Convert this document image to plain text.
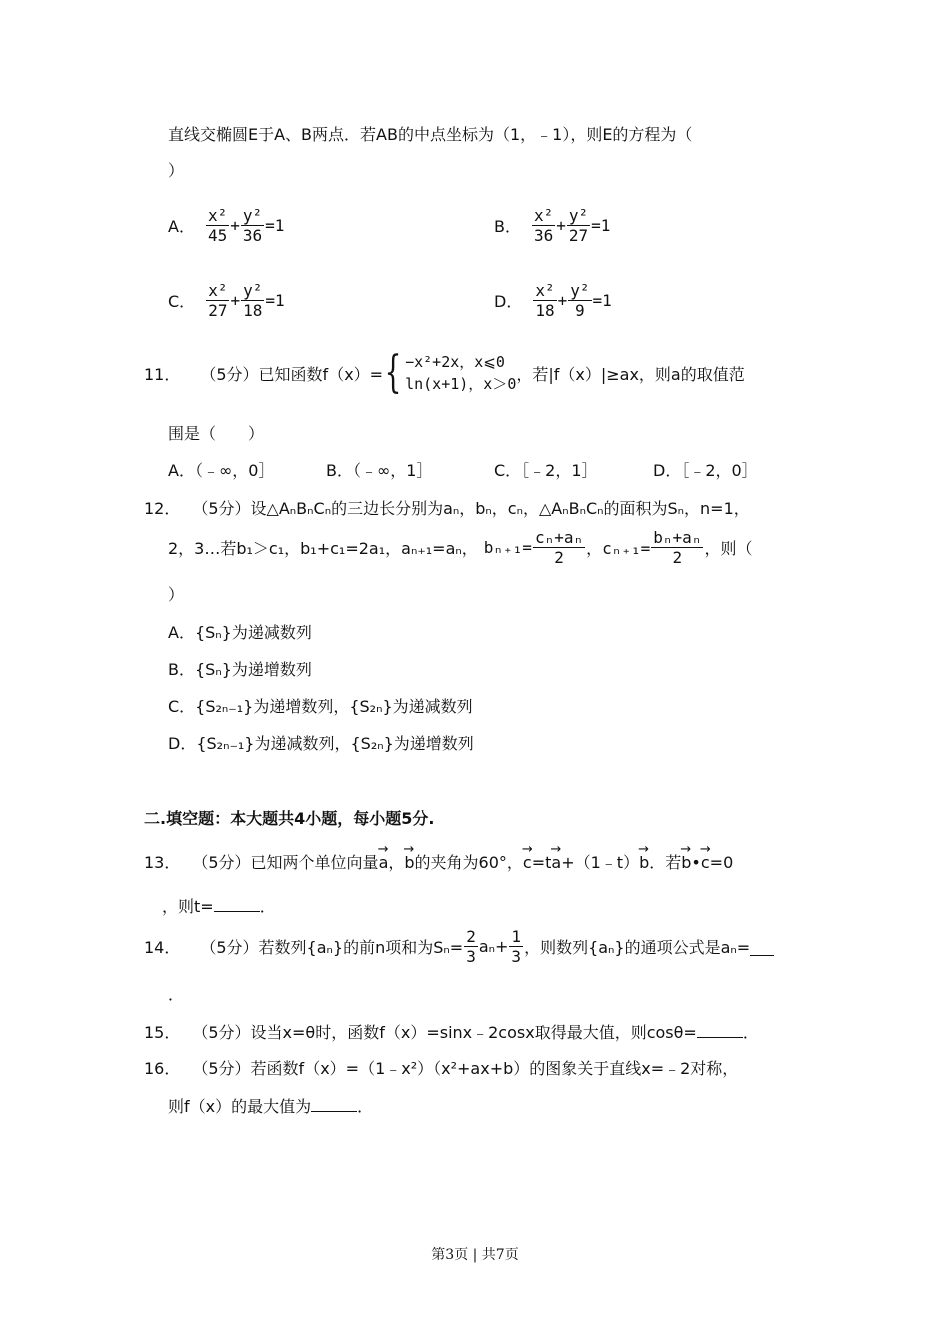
直线交椭圆E于A、B两点．若AB的中点坐标为（1，﹣1），则E的方程为（
）
A． $\frac{\text{x²}}{45} + \frac{\text{y²}}{36} =1$	B． $\frac{\text{x²}}{36} + \frac{\text{y²}}{27} =1$
C． $\frac{\text{x²}}{27} + \frac{\text{y²}}{18} =1$	D． $\frac{\text{x²}}{18} + \frac{\text{y²}}{9} =1$
11． （5分）已知函数f（x）= { −x²+2x，x⩽0
ln(x+1)，x＞0
，若|f（x）|≥ax，则a的取值范
围是（　　）
A．（﹣∞，0］	B．（﹣∞，1］	C．［﹣2，1］	D．［﹣2，0］
12． （5分）设△AₙBₙCₙ的三边长分别为aₙ，bₙ，cₙ，△AₙBₙCₙ的面积为Sₙ，n=1，
2，3…若b₁＞c₁，b₁+c₁=2a₁，aₙ₊₁=aₙ， $b_{n+1}= \frac{\text{cₙ+aₙ}}{2}$ ，$c_{n+1}= \frac{\text{bₙ+aₙ}}{2}$ ，则（
）
A．{Sₙ}为递减数列
B．{Sₙ}为递增数列
C．{S₂ₙ₋₁}为递增数列，{S₂ₙ}为递减数列
D．{S₂ₙ₋₁}为递减数列，{S₂ₙ}为递增数列
二.填空题：本大题共4小题，每小题5分.
13． （5分）已知两个单位向量→ a，→ b的夹角为60°，→ c=t→ a+（1﹣t）→ b．若→ b•→ c=0
，则t=	．
14． （5分）若数列{aₙ}的前n项和为$S_n= \frac{2}{3} a_n+ \frac{1}{3}$ ，则数列{aₙ}的通项公式是aₙ=
．
15． （5分）设当x=θ时，函数f（x）=sinx﹣2cosx取得最大值，则cosθ=	．
16． （5分）若函数f（x）=（1﹣x²）（x²+ax+b）的图象关于直线x=﹣2对称，
则f（x）的最大值为	．
第3页 | 共7页
